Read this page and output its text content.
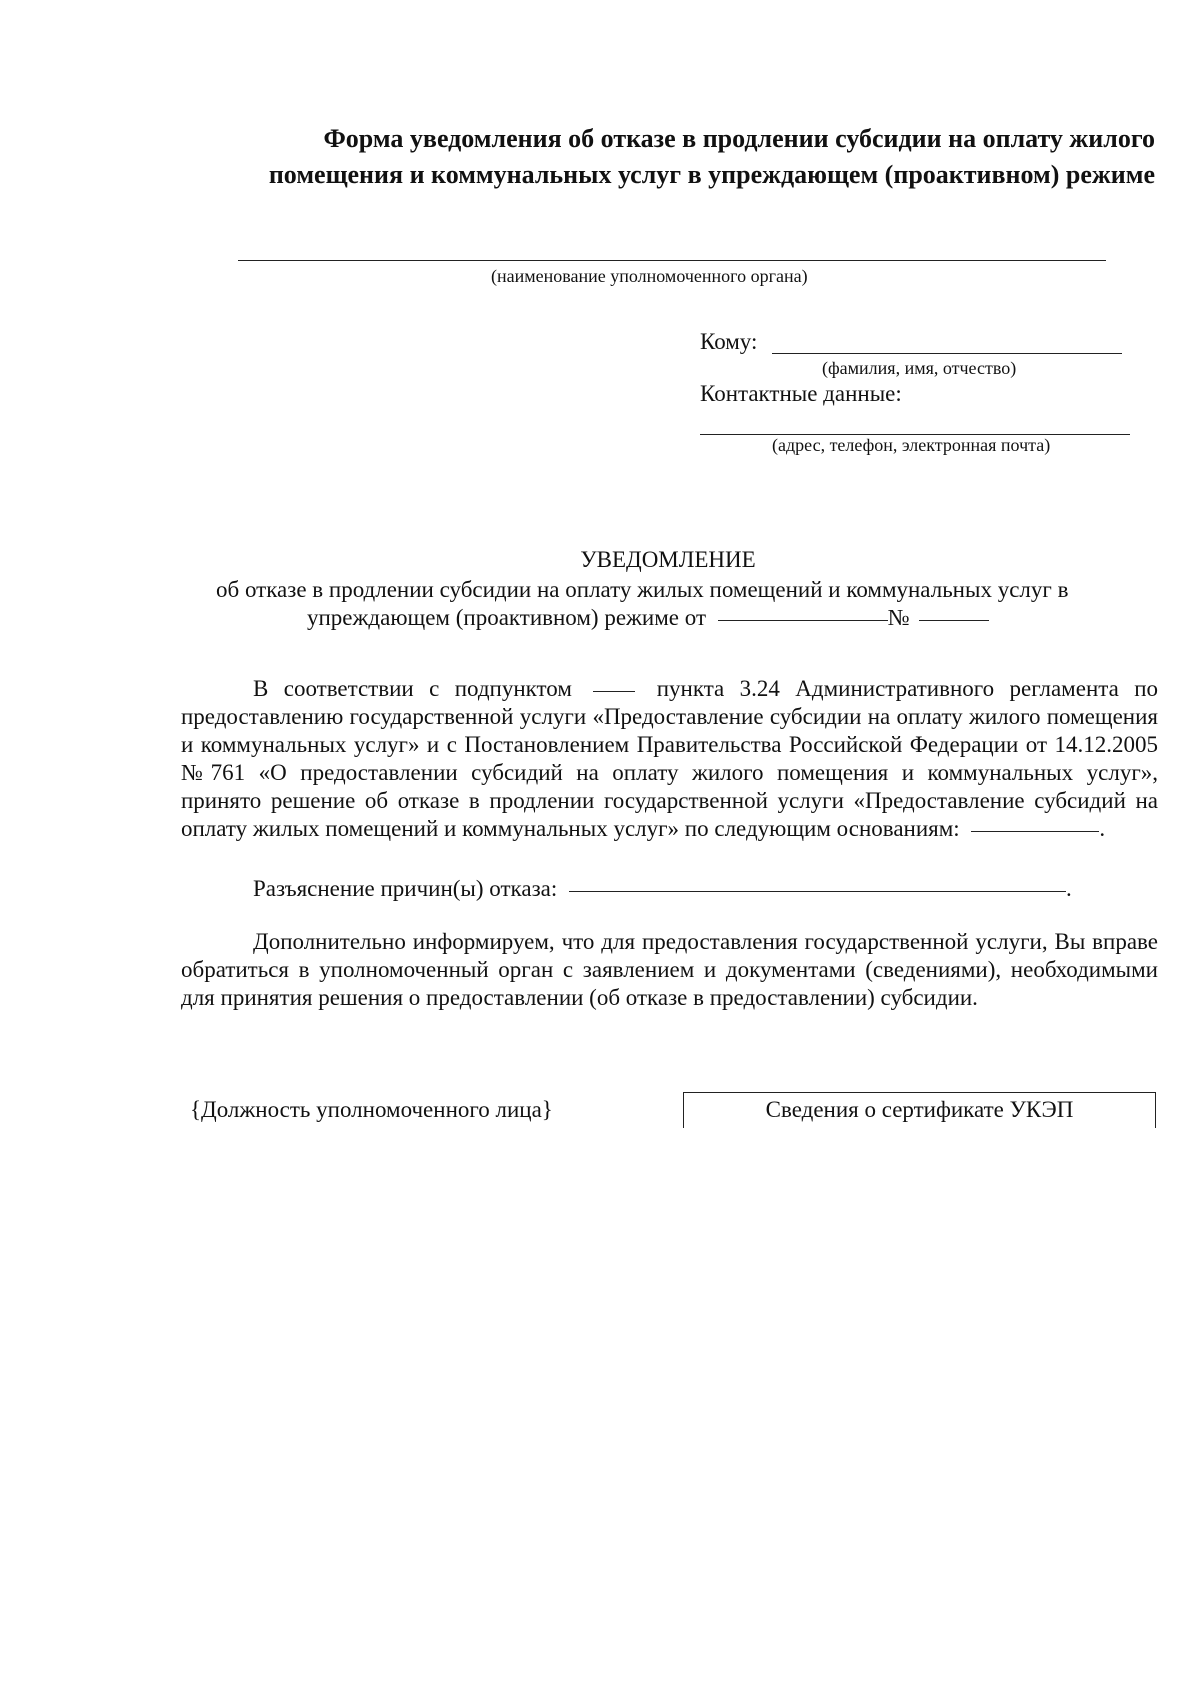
Форма уведомления об отказе в продлении субсидии на оплату жилого
помещения и коммунальных услуг в упреждающем (проактивном) режиме
(наименование уполномоченного органа)
Кому:
(фамилия, имя, отчество)
Контактные данные:
(адрес, телефон, электронная почта)
УВЕДОМЛЕНИЕ
об отказе в продлении субсидии на оплату жилых помещений и коммунальных услуг в
упреждающем (проактивном) режиме от	№
В соответствии с подпунктом	пункта 3.24 Административного регламента по предоставлению государственной услуги «Предоставление субсидии на оплату жилого помещения и коммунальных услуг» и с Постановлением Правительства Российской Федерации от 14.12.2005 №761 «О предоставлении субсидий на оплату жилого помещения и коммунальных услуг», принято решение об отказе в продлении государственной услуги «Предоставление субсидий на оплату жилых помещений и коммунальных услуг» по следующим основаниям:	.
Разъяснение причин(ы) отказа:	.
Дополнительно информируем, что для предоставления государственной услуги, Вы вправе обратиться в уполномоченный орган с заявлением и документами (сведениями), необходимыми для принятия решения о предоставлении (об отказе в предоставлении) субсидии.
{Должность уполномоченного лица}	Сведения о сертификате УКЭП
